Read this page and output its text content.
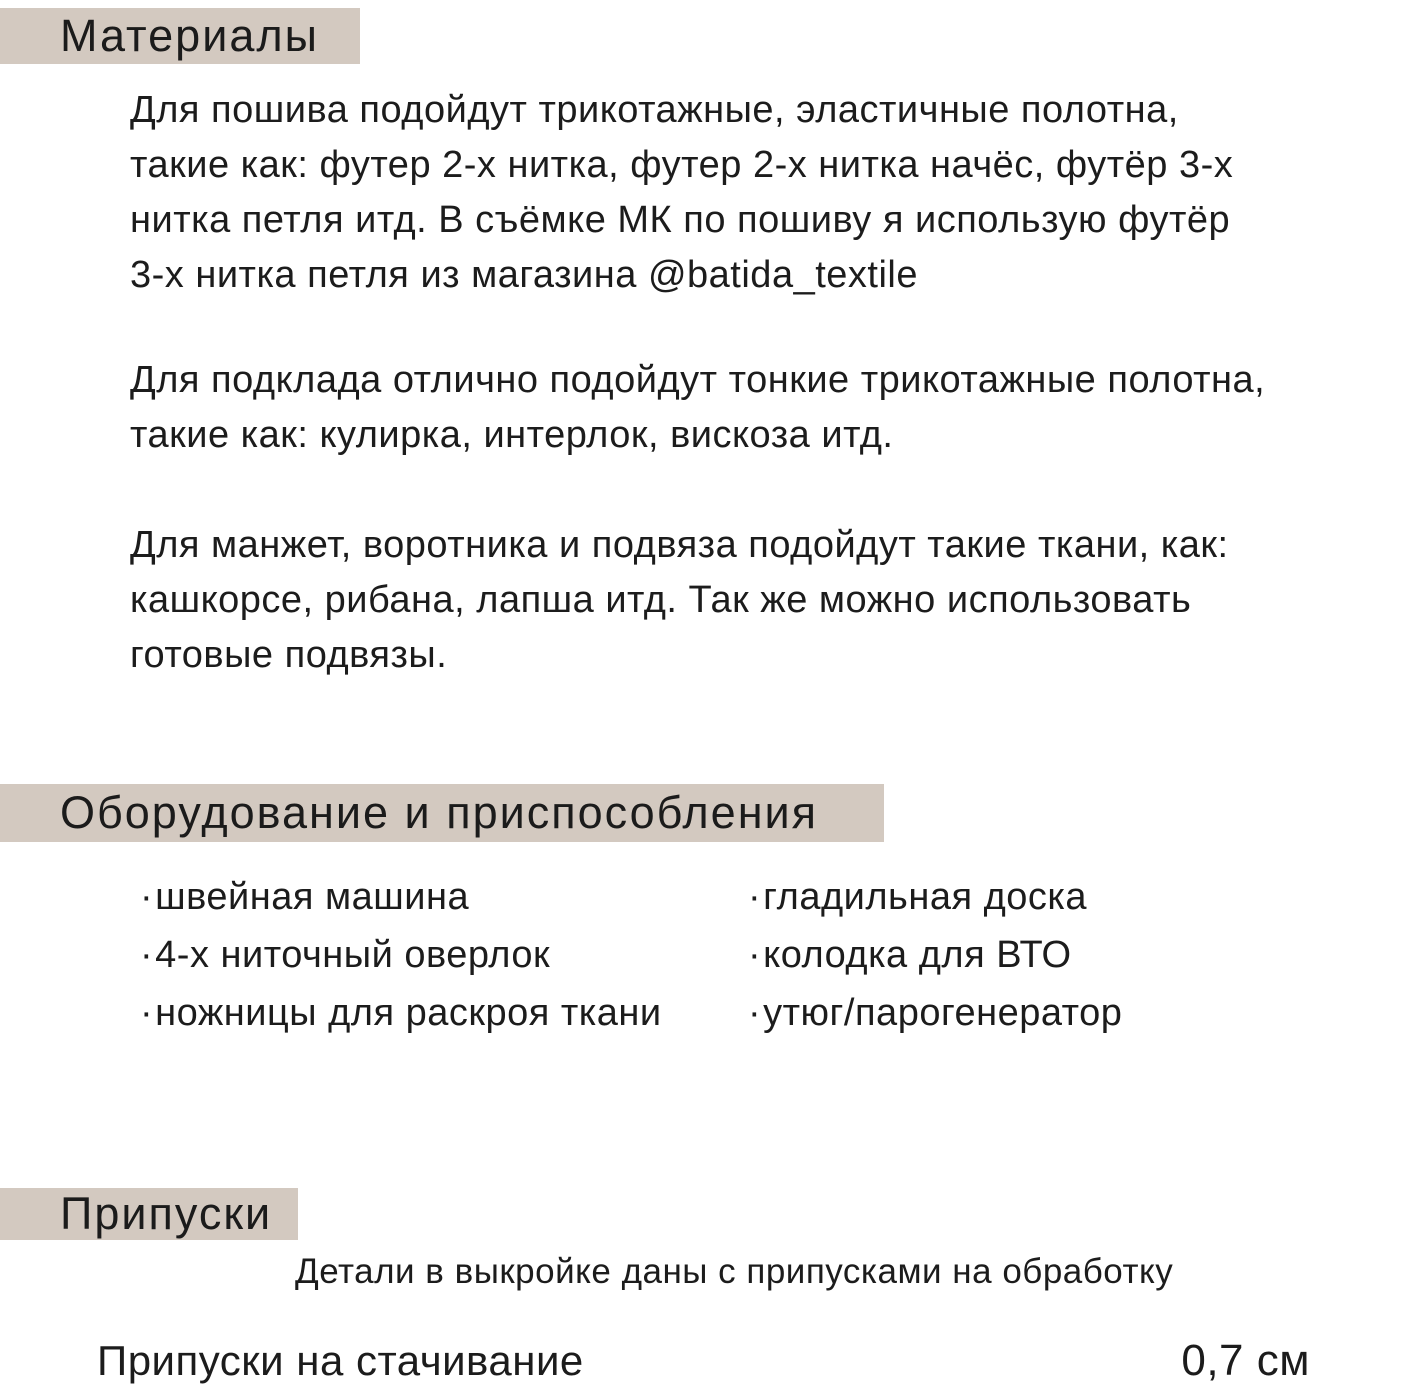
Материалы

Для пошива подойдут трикотажные, эластичные полотна, такие как: футер 2-х нитка, футер 2-х нитка начёс, футёр 3-х нитка петля итд. В съёмке МК по пошиву я использую футёр 3-х нитка петля из магазина @batida_textile

Для подклада отлично подойдут тонкие трикотажные полотна, такие как: кулирка, интерлок, вискоза итд.

Для манжет, воротника и подвяза подойдут такие ткани, как: кашкорсе, рибана, лапша итд. Так же можно использовать готовые подвязы.

Оборудование и приспособления
·швейная машина
·4-х ниточный оверлок
·ножницы для раскроя ткани
·гладильная доска
·колодка для ВТО
·утюг/парогенератор
Припуски

Детали в выкройке даны с припусками на обработку

Припуски на стачивание	0,7 см
